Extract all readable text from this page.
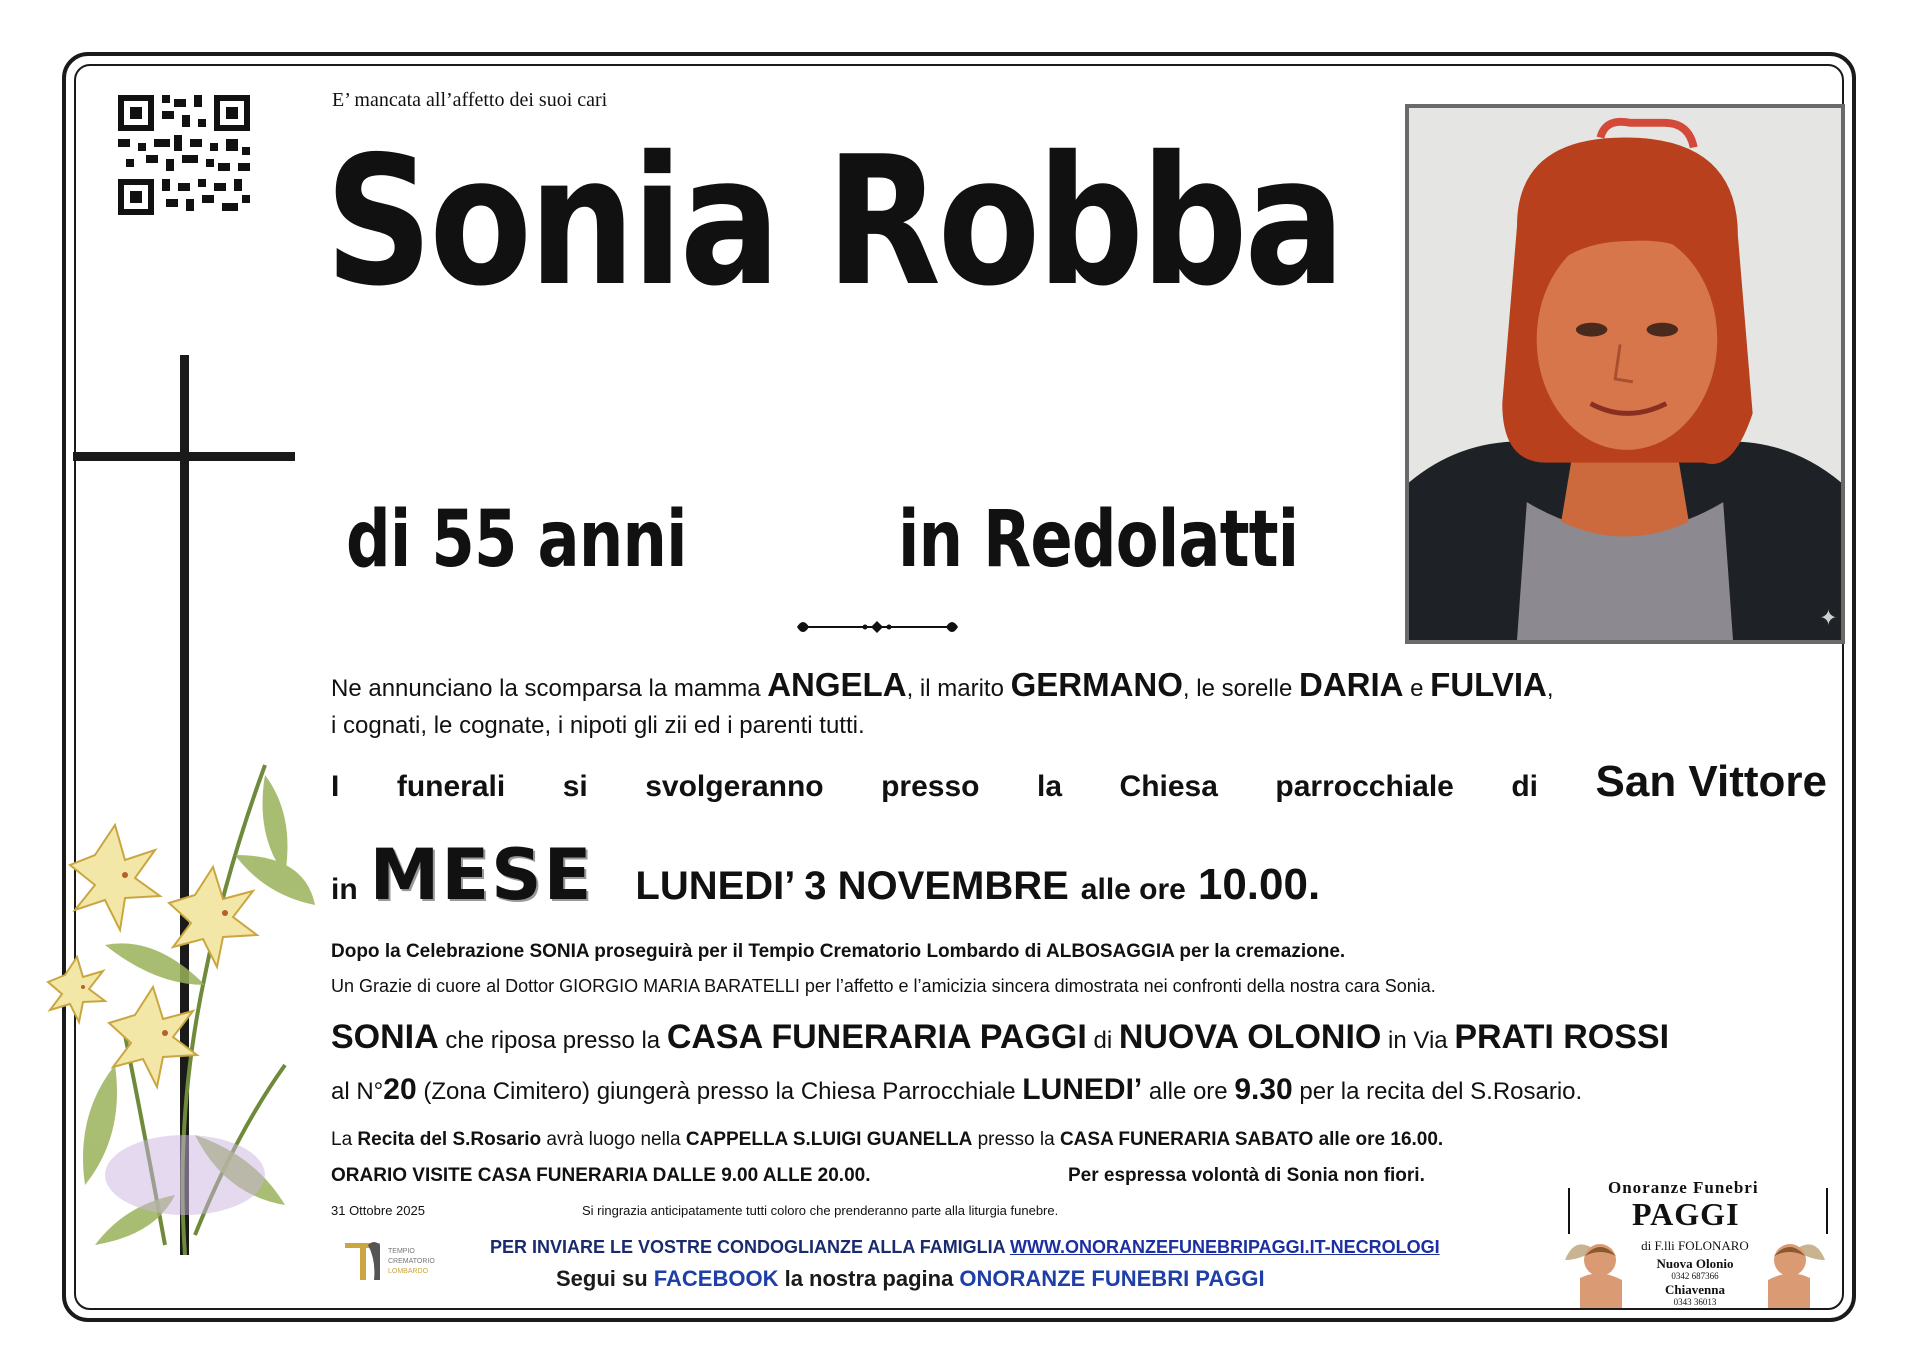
E’ mancata all’affetto dei suoi cari
Sonia Robba
di 55 anni	in Redolatti
✦
Ne annunciano la scomparsa la mamma ANGELA, il marito GERMANO, le sorelle DARIA e FULVIA,
i cognati, le cognate, i nipoti gli zii ed i parenti tutti.
I funerali si svolgeranno presso la Chiesa parrocchiale di San Vittore
in MESE LUNEDI’ 3 NOVEMBRE alle ore 10.00.
Dopo la Celebrazione SONIA proseguirà per il Tempio Crematorio Lombardo di ALBOSAGGIA per la cremazione.
Un Grazie di cuore al Dottor GIORGIO MARIA BARATELLI per l’affetto e l’amicizia sincera dimostrata nei confronti della nostra cara Sonia.
SONIA che riposa presso la CASA FUNERARIA PAGGI di NUOVA OLONIO in Via PRATI ROSSI
al N°20 (Zona Cimitero) giungerà presso la Chiesa Parrocchiale LUNEDI’ alle ore 9.30 per la recita del S.Rosario.
La Recita del S.Rosario avrà luogo nella CAPPELLA S.LUIGI GUANELLA presso la CASA FUNERARIA SABATO alle ore 16.00.
ORARIO VISITE CASA FUNERARIA DALLE 9.00 ALLE 20.00.	Per espressa volontà di Sonia non fiori.
31 Ottobre 2025	Si ringrazia anticipatamente tutti coloro che prenderanno parte alla liturgia funebre.
TEMPIO
CREMATORIO
LOMBARDO
PER INVIARE LE VOSTRE CONDOGLIANZE ALLA FAMIGLIA WWW.ONORANZEFUNEBRIPAGGI.IT-NECROLOGI
Segui su FACEBOOK la nostra pagina ONORANZE FUNEBRI PAGGI
Onoranze Funebri
PAGGI
di F.lli FOLONARO
Nuova Olonio
0342 687366
Chiavenna
0343 36013
